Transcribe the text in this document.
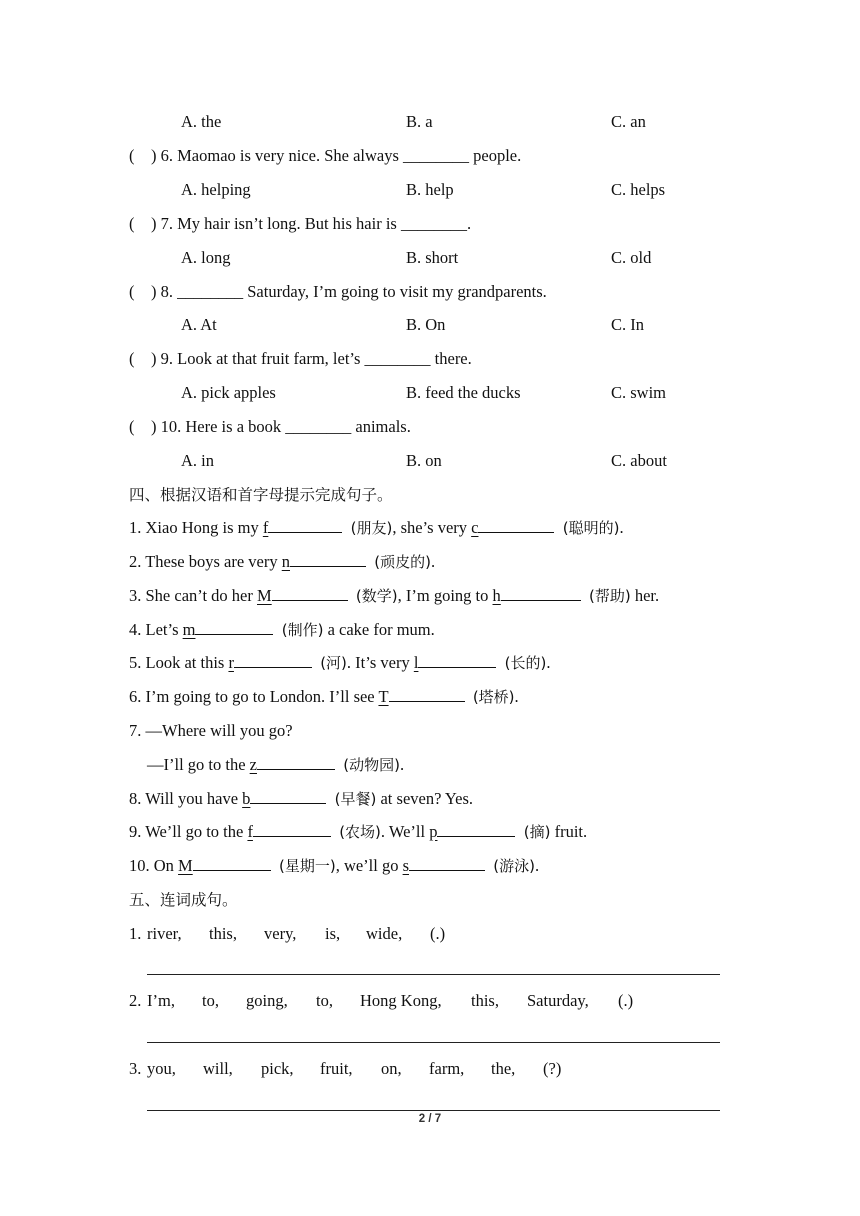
A. the	B. a	C. an
(    ) 6. Maomao is very nice. She always ________ people.
A. helping	B. help	C. helps
(    ) 7. My hair isn’t long. But his hair is ________.
A. long	B. short	C. old
(    ) 8. ________ Saturday, I’m going to visit my grandparents.
A. At	B. On	C. In
(    ) 9. Look at that fruit farm, let’s ________ there.
A. pick apples	B. feed the ducks	C. swim
(    ) 10. Here is a book ________ animals.
A. in	B. on	C. about
四、根据汉语和首字母提示完成句子。
1. Xiao Hong is my f	(朋友), she’s very c	(聪明的).
2. These boys are very n	(顽皮的).
3. She can’t do her M	(数学), I’m going to h	(帮助) her.
4. Let’s m	(制作) a cake for mum.
5. Look at this r	(河). It’s very l	(长的).
6. I’m going to go to London. I’ll see T	(塔桥).
7. —Where will you go?
—I’ll go to the z	(动物园).
8. Will you have b	(早餐) at seven? Yes.
9. We’ll go to the f	(农场). We’ll p	(摘) fruit.
10. On M	(星期一), we’ll go s	(游泳).
五、连词成句。
1. river, this, very, is, wide, (.)
2. I’m, to, going, to, Hong Kong, this, Saturday, (.)
3. you, will, pick, fruit, on, farm, the, (?)
2 / 7
